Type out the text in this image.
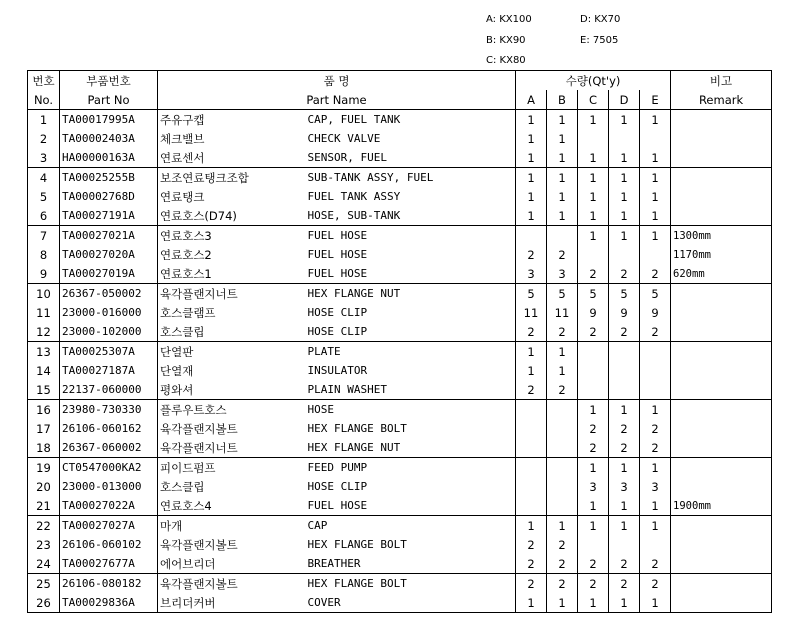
A: KX100	D: KX70
B: KX90	E: 7505
C: KX80
번호	부품번호	품 명		수량(Qt'y)					비고
No.	Part No	Part Name		A	B	C	D	E	Remark
1	TA00017995A	주유구캡	CAP, FUEL TANK	1	1	1	1	1	
2	TA00002403A	체크밸브	CHECK VALVE	1	1				
3	HA00000163A	연료센서	SENSOR, FUEL	1	1	1	1	1	
4	TA00025255B	보조연료탱크조합	SUB-TANK ASSY, FUEL	1	1	1	1	1	
5	TA00002768D	연료탱크	FUEL TANK ASSY	1	1	1	1	1	
6	TA00027191A	연료호스(D74)	HOSE, SUB-TANK	1	1	1	1	1	
7	TA00027021A	연료호스3	FUEL HOSE			1	1	1	1300mm
8	TA00027020A	연료호스2	FUEL HOSE	2	2				1170mm
9	TA00027019A	연료호스1	FUEL HOSE	3	3	2	2	2	620mm
10	26367-050002	육각플랜지너트	HEX FLANGE NUT	5	5	5	5	5	
11	23000-016000	호스클램프	HOSE CLIP	11	11	9	9	9	
12	23000-102000	호스클립	HOSE CLIP	2	2	2	2	2	
13	TA00025307A	단열판	PLATE	1	1				
14	TA00027187A	단열재	INSULATOR	1	1				
15	22137-060000	평와셔	PLAIN WASHET	2	2				
16	23980-730330	플루우트호스	HOSE			1	1	1	
17	26106-060162	육각플랜지볼트	HEX FLANGE BOLT			2	2	2	
18	26367-060002	육각플랜지너트	HEX FLANGE NUT			2	2	2	
19	CT0547000KA2	피이드펌프	FEED PUMP			1	1	1	
20	23000-013000	호스클립	HOSE CLIP			3	3	3	
21	TA00027022A	연료호스4	FUEL HOSE			1	1	1	1900mm
22	TA00027027A	마개	CAP	1	1	1	1	1	
23	26106-060102	육각플랜지볼트	HEX FLANGE BOLT	2	2				
24	TA00027677A	에어브리더	BREATHER	2	2	2	2	2	
25	26106-080182	육각플랜지볼트	HEX FLANGE BOLT	2	2	2	2	2	
26	TA00029836A	브리더커버	COVER	1	1	1	1	1	
